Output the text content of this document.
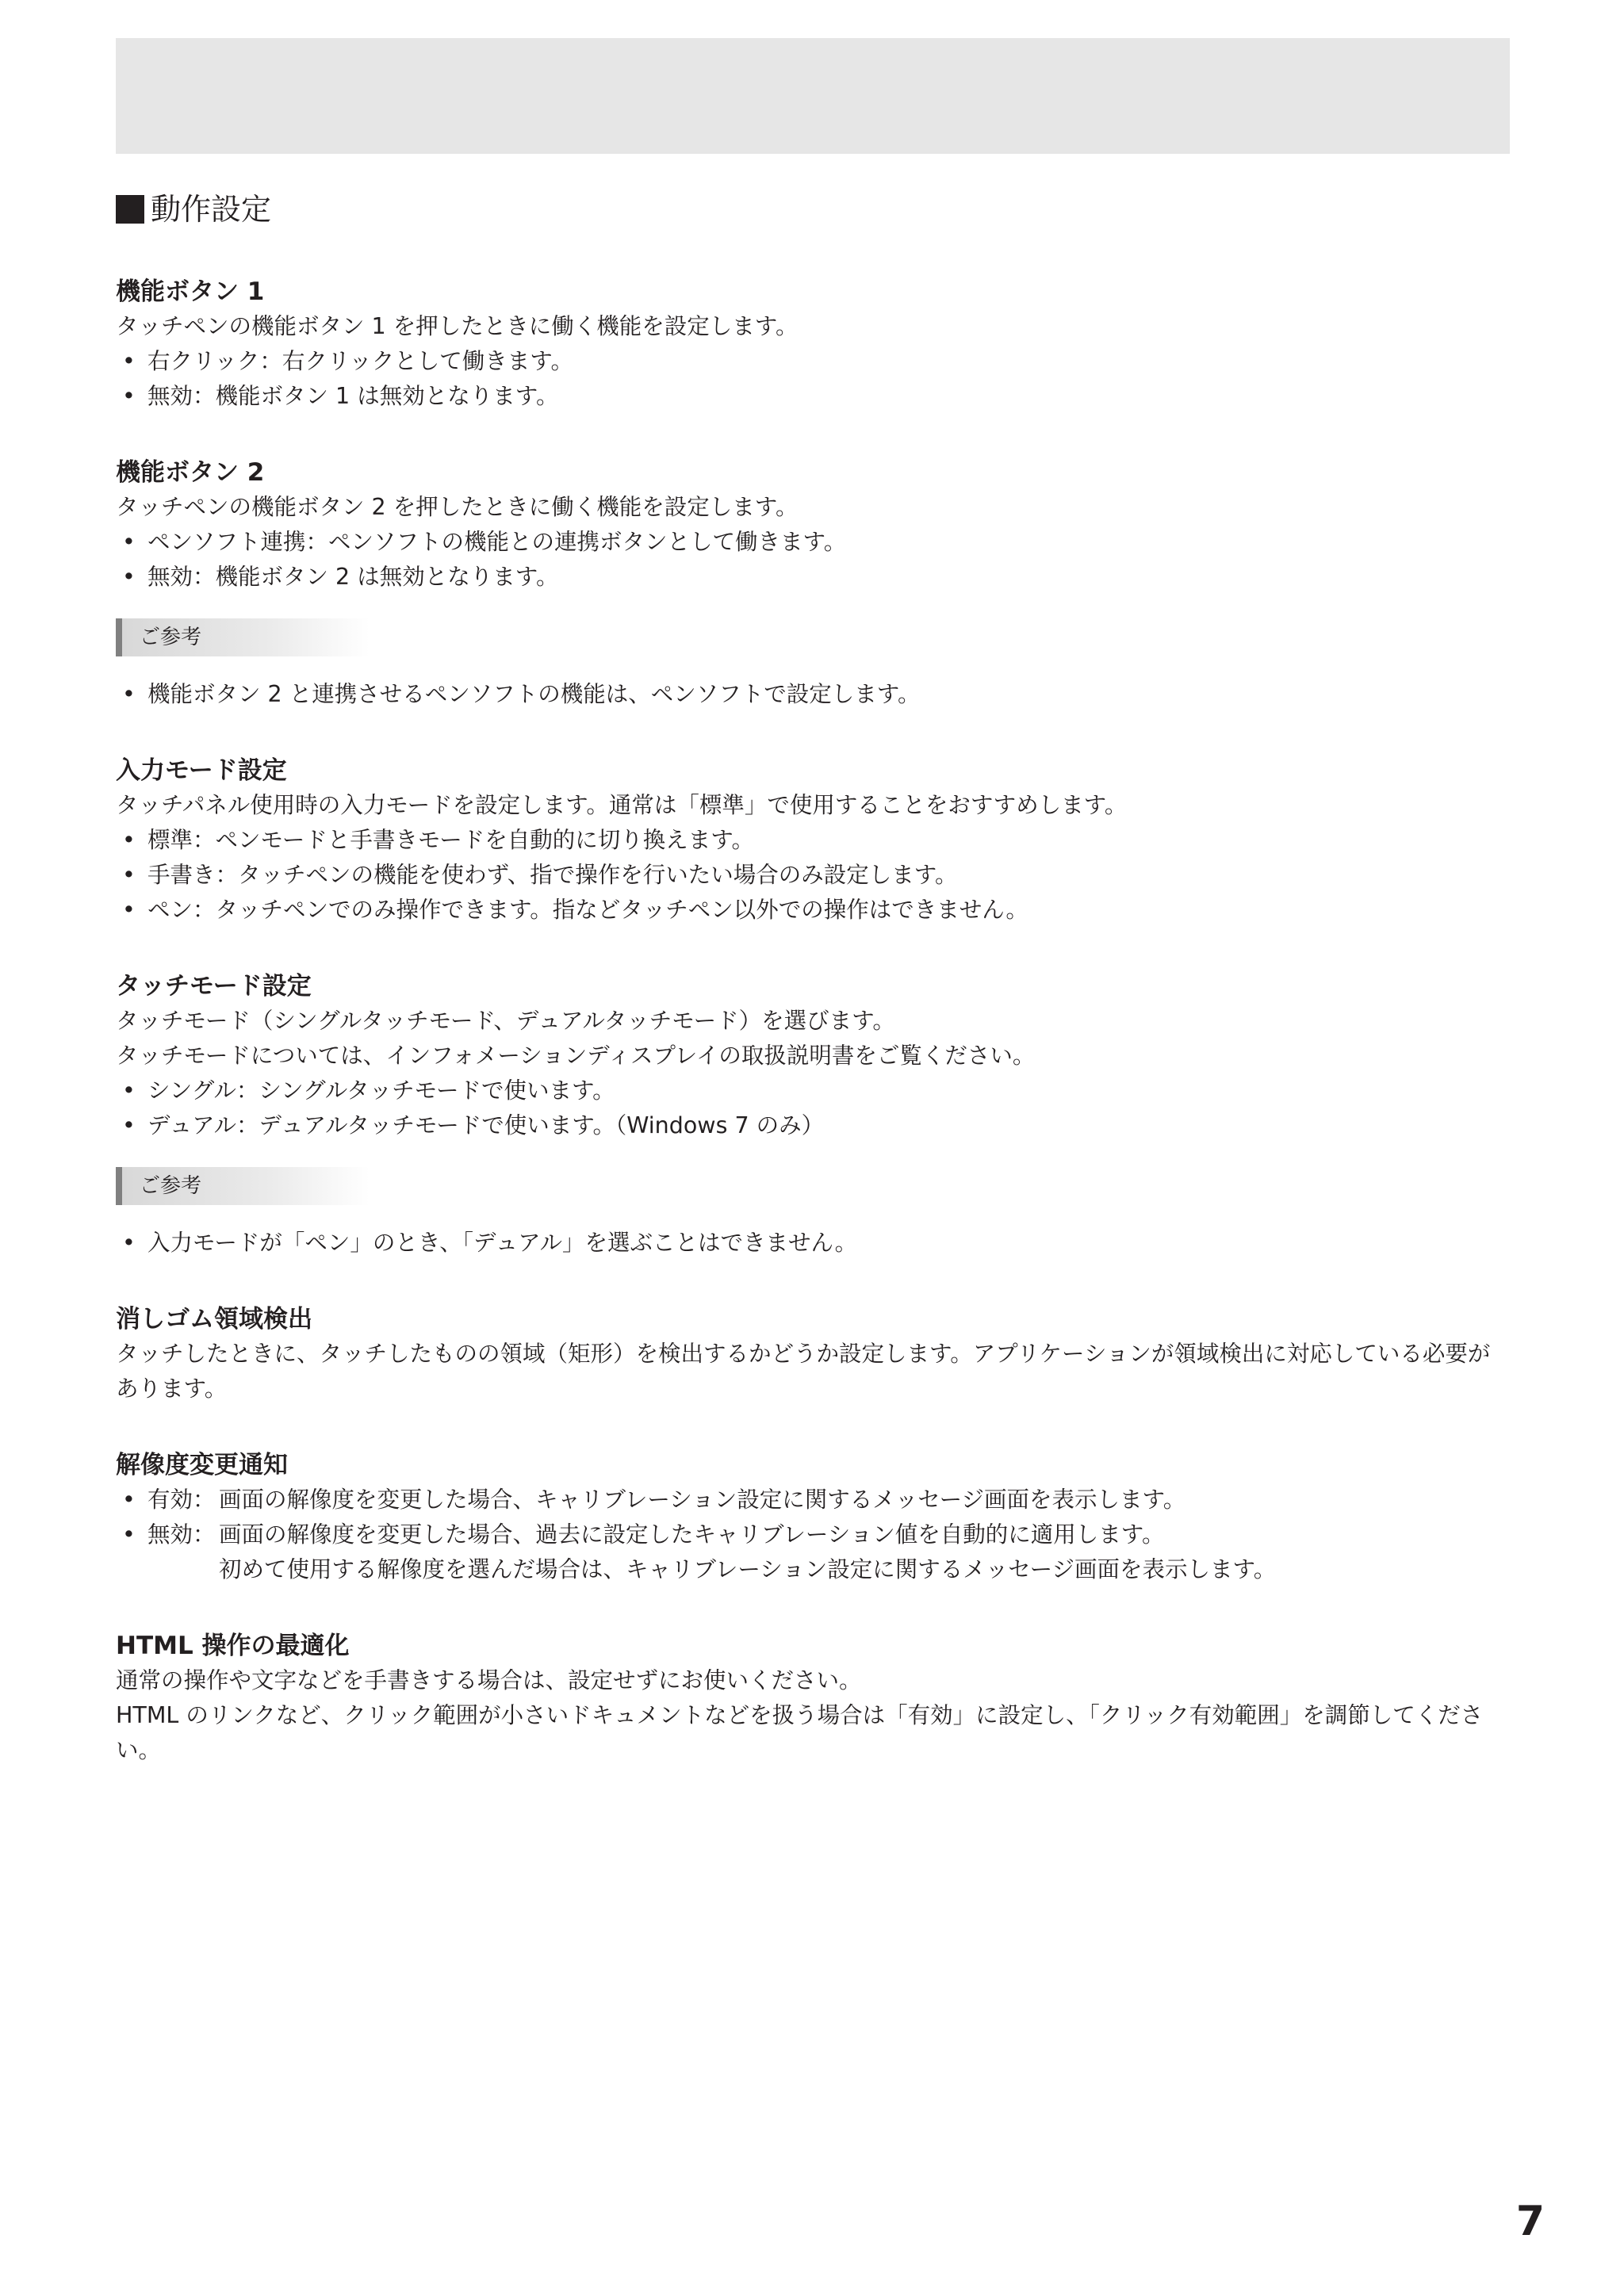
動作設定

機能ボタン 1

タッチペンの機能ボタン 1 を押したときに働く機能を設定します。

• 右クリック：右クリックとして働きます。
• 無効：機能ボタン 1 は無効となります。

機能ボタン 2

タッチペンの機能ボタン 2 を押したときに働く機能を設定します。

• ペンソフト連携：ペンソフトの機能との連携ボタンとして働きます。
• 無効：機能ボタン 2 は無効となります。
ご参考
• 機能ボタン 2 と連携させるペンソフトの機能は、ペンソフトで設定します。

入力モード設定

タッチパネル使用時の入力モードを設定します。通常は「標準」で使用することをおすすめします。

• 標準：ペンモードと手書きモードを自動的に切り換えます。
• 手書き：タッチペンの機能を使わず、指で操作を行いたい場合のみ設定します。
• ペン：タッチペンでのみ操作できます。指などタッチペン以外での操作はできません。

タッチモード設定

タッチモード（シングルタッチモード、デュアルタッチモード）を選びます。

タッチモードについては、インフォメーションディスプレイの取扱説明書をご覧ください。

• シングル：シングルタッチモードで使います。
• デュアル：デュアルタッチモードで使います。（Windows 7 のみ）
ご参考
• 入力モードが「ペン」のとき、「デュアル」を選ぶことはできません。

消しゴム領域検出

タッチしたときに、タッチしたものの領域（矩形）を検出するかどうか設定します。アプリケーションが領域検出に対応している必要があります。

解像度変更通知

• 有効： 画面の解像度を変更した場合、キャリブレーション設定に関するメッセージ画面を表示します。
• 無効： 画面の解像度を変更した場合、過去に設定したキャリブレーション値を自動的に適用します。
初めて使用する解像度を選んだ場合は、キャリブレーション設定に関するメッセージ画面を表示します。

HTML 操作の最適化

通常の操作や文字などを手書きする場合は、設定せずにお使いください。

HTML のリンクなど、クリック範囲が小さいドキュメントなどを扱う場合は「有効」に設定し、「クリック有効範囲」を調節してください。

7
